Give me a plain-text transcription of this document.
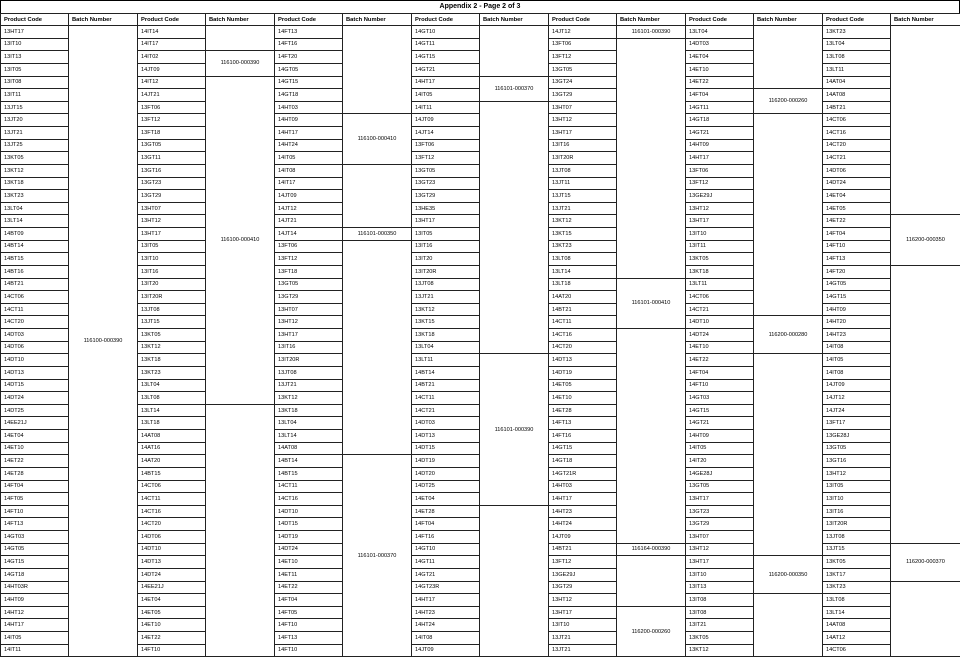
Appendix 2 - Page 2 of 3
Product Code	Batch Number	Product Code	Batch Number	Product Code	Batch Number	Product Code	Batch Number	Product Code	Batch Number	Product Code	Batch Number	Product Code	Batch Number
13HT17	116100-000390	14IT14		14FT13		14GT10		14JT12	116101-000390	13LT04		13KT23	
13IT10		14IT17		14FT16		14GT11		13FT06		14DT03		13LT04	
13IT13		14IT02	116100-000390	14FT20		14GT15		13FT12		14ET04		13LT08	
13IT05		14JT09		14GT05		14GT21		13GT05		14ET10		13LT11	
13IT08		14IT12	116100-000410	14GT15		14HT17	116101-000370	13GT24		14ET22		14AT04	
13IT11		14JT21		14GT18		14IT05		13GT29		14FT04	116200-000260	14AT08	
13JT15		13FT06		14HT03		14IT11		13HT07		14GT11		14BT21	
13JT20		13FT12		14HT09	116100-000410	14JT09		13HT12		14GT18		14CT06	
13JT21		13FT18		14HT17		14JT14		13HT17		14GT21		14CT16	
13JT25		13GT05		14HT24		13FT06		13IT16		14HT09		14CT20	
13KT05		13GT11		14IT05		13FT12		13IT20R		14HT17		14CT21	
13KT12		13GT16		14IT08		13GT05		13JT08		13FT06		14DT06	
13KT18		13GT23		14IT17		13GT23		13JT11		13FT12		14DT24	
13KT23		13GT29		14JT09		13GT29		13JT15		13GE29J		14ET04	
13LT04		13HT07		14JT12		13HE35		13JT21		13HT12		14ET05	
13LT14		13HT12		14JT21		13HT17		13KT12		13HT17		14ET22	116200-000350
14BT09		13HT17		14JT14	116101-000350	13IT05		13KT15		13IT10		14FT04	
14BT14		13IT05		13FT06		13IT16		13KT23		13IT11		14FT10	
14BT15		13IT10		13FT12		13IT20		13LT08		13KT05		14FT13	
14BT16		13IT16		13FT18		13IT20R		13LT14		13KT18		14FT20	
14BT21		13IT20		13GT05		13JT08		13LT18	116101-000410	13LT11		14GT05	
14CT06		13IT20R		13GT29		13JT21		14AT20		14CT06		14GT15	
14CT11		13JT08		13HT07		13KT12		14BT21		14CT21		14HT09	
14CT20		13JT15		13HT12		13KT15		14CT11		14DT10	116200-000280	14HT20	
14DT03		13KT05		13HT17		13KT18		14CT16		14DT24		14HT23	
14DT06		13KT12		13IT16		13LT04		14CT20		14ET10		14IT08	
14DT10		13KT18		13IT20R		13LT11	116101-000390	14DT13		14ET22		14IT05	
14DT13		13KT23		13JT08		14BT14		14DT19		14FT04		14IT08	
14DT15		13LT04		13JT21		14BT21		14ET05		14FT10		14JT09	
14DT24		13LT08		13KT12		14CT11		14ET10		14GT03		14JT12	
14DT25		13LT14		13KT18		14CT21		14ET28		14GT15		14JT24	
14EE21J		13LT18		13LT04		14DT03		14FT13		14GT21		13FT17	
14ET04		14AT08		13LT14		14DT13		14FT16		14HT09		13GE28J	
14ET10		14AT16		14AT08		14DT15		14GT15		14IT05		13GT05	
14ET22		14AT20		14BT14	116101-000370	14DT19		14GT18		14IT20		13GT16	
14ET28		14BT15		14BT15		14DT20		14GT21R		14GE28J		13HT12	
14FT04		14CT06		14CT11		14DT25		14HT03		13GT05		13IT05	
14FT05		14CT11		14CT16		14ET04		14HT17		13HT17		13IT10	
14FT10		14CT16		14DT10		14ET28		14HT23		13GT23		13IT16	
14FT13		14CT20		14DT15		14FT04		14HT24		13GT29		13IT20R	
14GT03		14DT06		14DT19		14FT16		14JT09		13HT07		13JT08	
14GT05		14DT10		14DT24		14GT10		14BT21	116164-000390	13HT12		13JT15	116200-000370
14GT15		14DT13		14ET10		14GT11		13FT12		13HT17	116200-000350	13KT05	
14GT18		14DT24		14ET11		14GT21		13GE29J		13IT10		13KT17	
14HT03R		14EE21J		14ET22		14GT23R		13GT29		13IT13		13KT23	
14HT09		14ET04		14FT04		14HT17		13HT12		13IT08		13LT08	
14HT12		14ET05		14FT05		14HT23		13HT17	116200-000260	13IT08		13LT14	
14HT17		14ET10		14FT10		14HT24		13IT10		13IT21		14AT08	
14IT05		14ET22		14FT13		14IT08		13JT21		13KT05		14AT12	
14IT11		14FT10		14FT10		14JT09		13JT21		13KT12		14CT06	
